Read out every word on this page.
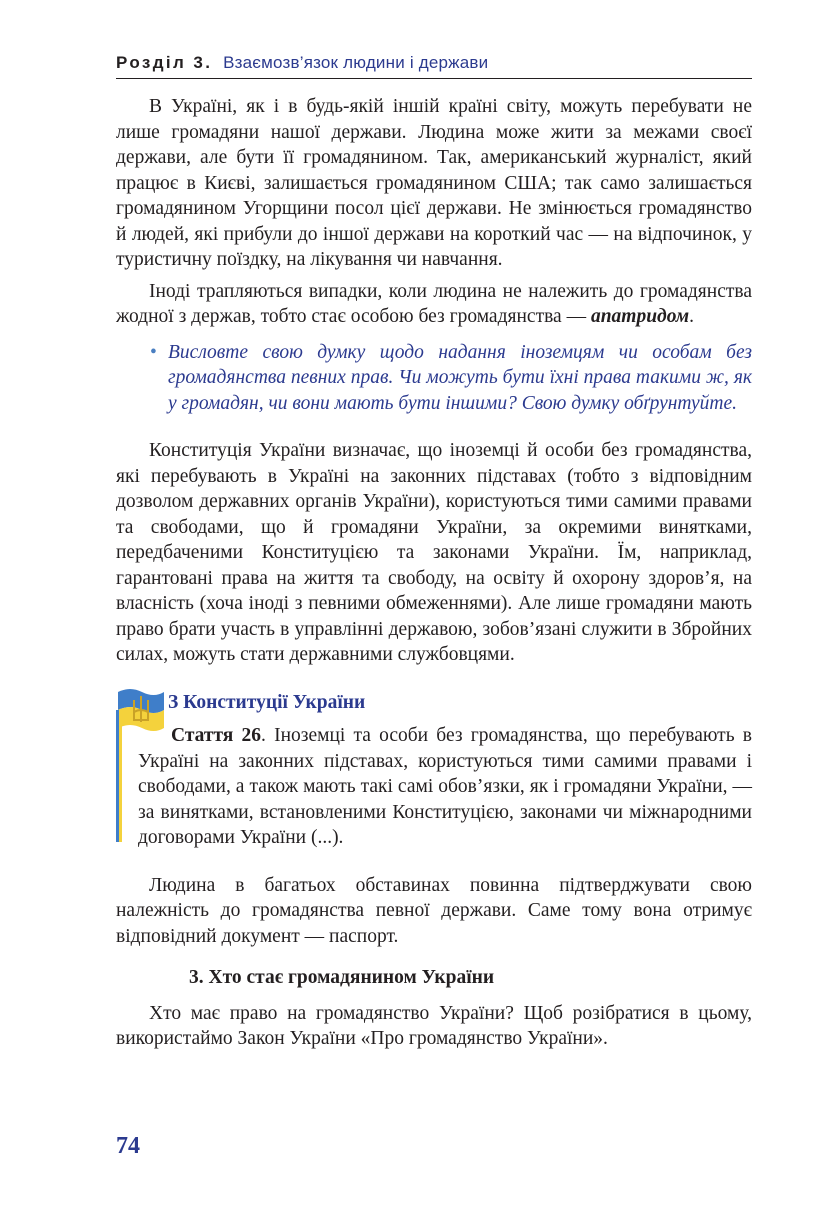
Розділ 3. Взаємозв’язок людини і держави

В Україні, як і в будь-якій іншій країні світу, можуть перебувати не лише громадяни нашої держави. Людина може жити за межами своєї держави, але бути її громадянином. Так, американський журналіст, який працює в Києві, залишається громадянином США; так само залишається громадянином Угорщини посол цієї держави. Не змінюється громадянство й людей, які прибули до іншої держави на короткий час — на відпочинок, у туристичну поїздку, на лікування чи навчання.

Іноді трапляються випадки, коли людина не належить до громадянства жодної з держав, тобто стає особою без громадянства — апатридом.

• Висловте свою думку щодо надання іноземцям чи особам без громадянства певних прав. Чи можуть бути їхні права такими ж, як у громадян, чи вони мають бути іншими? Свою думку обґрунтуйте.

Конституція України визначає, що іноземці й особи без громадянства, які перебувають в Україні на законних підставах (тобто з відповідним дозволом державних органів України), користуються тими самими правами та свободами, що й громадяни України, за окремими винятками, передбаченими Конституцією та законами України. Їм, наприклад, гарантовані права на життя та свободу, на освіту й охорону здоров’я, на власність (хоча іноді з певними обмеженнями). Але лише громадяни мають право брати участь в управлінні державою, зобов’язані служити в Збройних силах, можуть стати державними службовцями.

З Конституції України
Стаття 26. Іноземці та особи без громадянства, що перебувають в Україні на законних підставах, користуються тими самими правами і свободами, а також мають такі самі обов’язки, як і громадяни України, — за винятками, встановленими Конституцією, законами чи міжнародними договорами України (...).

Людина в багатьох обставинах повинна підтверджувати свою належність до громадянства певної держави. Саме тому вона отримує відповідний документ — паспорт.

3. Хто стає громадянином України

Хто має право на громадянство України? Щоб розібратися в цьому, використаймо Закон України «Про громадянство України».

74
